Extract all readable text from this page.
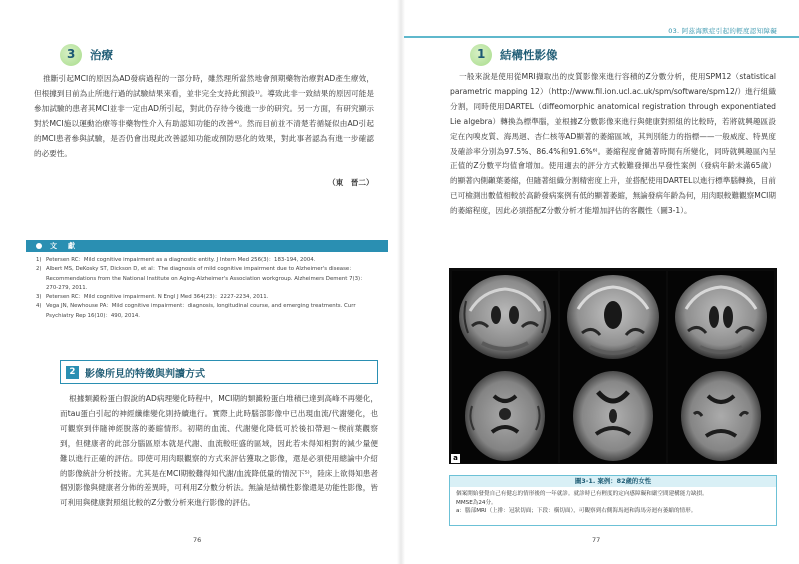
3 治療

推斷引起MCI的原因為AD發病過程的一部分時，雖然理所當然地會預期藥物治療對AD產生療效，但根據到目前為止所進行過的試驗結果來看，並非完全支持此預設¹⁾。導致此非一致結果的原因可能是參加試驗的患者其MCI並非一定由AD所引起，對此仍存待今後進一步的研究。另一方面，有研究顯示對於MCI施以運動治療等非藥物性介入有助認知功能的改善⁴⁾。然而目前並不清楚若循疑似由AD引起的MCI患者參與試驗，是否仍會出現此改善認知功能或預防惡化的效果，對此事者認為有進一步確認的必要性。

（東　晉二）
文　獻
1) Petersen RC：Mild cognitive impairment as a diagnostic entity. J Intern Med 256(3)：183-194, 2004.
2) Albert MS, DeKosky ST, Dickson D, et al：The diagnosis of mild cognitive impairment due to Alzheimer's disease：Recommendations from the National Institute on Aging-Alzheimer's Association workgroup. Alzheimers Dement 7(3)：270-279, 2011.
3) Petersen RC：Mild cognitive impairment. N Engl J Med 364(23)：2227-2234, 2011.
4) Vega JN, Newhouse PA：Mild cognitive impairment：diagnosis, longitudinal course, and emerging treatments. Curr Psychiatry Rep 16(10)：490, 2014.
2 影像所見的特徵與判讀方式

根據類澱粉蛋白假說的AD病理變化時程中，MCI期的類澱粉蛋白堆積已達到高峰不再變化，而tau蛋白引起的神經纖維變化則持續進行。實際上此時腦部影像中已出現血流/代謝變化，也可觀察到伴隨神經脫落的萎縮情形。初期的血流、代謝變化降低可於後扣帶迴～楔前葉觀察到，但健康者的此部分腦區原本就是代謝、血流較旺盛的區域，因此若未得知相對的減少量便難以進行正確的評估。即使可用肉眼觀察的方式來評估獲取之影像，還是必須使用總論中介紹的影像統計分析技術。尤其是在MCI期較難得知代謝/血流降低量的情況下⁵⁾，陸床上欲得知患者個別影像與健康者分佈的差異時，可利用Z分數分析法。無論是結構性影像還是功能性影像，皆可利用與健康對照組比較的Z分數分析來進行影像的評估。

76
03. 阿茲海默症引起的輕度認知障礙
1 結構性影像

一般來說是使用從MRI擷取出的皮質影像來進行容積的Z分數分析，使用SPM12（statistical parametric mapping 12）（http://www.fil.ion.ucl.ac.uk/spm/software/spm12/）進行組織分割，同時使用DARTEL（diffeomorphic anatomical registration through exponentiated Lie algebra）轉換為標準腦，並根據Z分數影像來進行與健康對照組的比較時，若將就興趣區設定在內嗅皮質、海馬迴、杏仁核等AD顯著的萎縮區域，其判別能力的指標——一般威度、特異度及確診率分別為97.5%、86.4%和91.6%⁶⁾。萎縮程度會隨著時間有所變化，同時就興趣區內呈正值的Z分數平均值會增加。使用適去的評分方式較難發揮出早發性案例（發病年齡未滿65歲）的顯著內側顳葉萎縮，但隨著組織分割精密度上升，並搭配使用DARTEL以進行標準腦轉換，目前已可檢測出數值相較於高齡發病案例有低的顯著萎縮，無論發病年齡為何，用肉眼較難觀察MCI期的萎縮程度，因此必須搭配Z分數分析才能增加評估的客觀性（圖3-1）。

a
圖3-1. 案例：82歲的女性
個案開始發覺自己有健忘的情形後的一年就診。就診時已有輕度的定向感障礙和嚴空間建構能力缺損。
MMSE為24分。
a：腦部MRI（上排：冠狀切面；下段：橫切面），可觀察到右側海馬迴和海馬旁迴有萎縮的情形。
77
